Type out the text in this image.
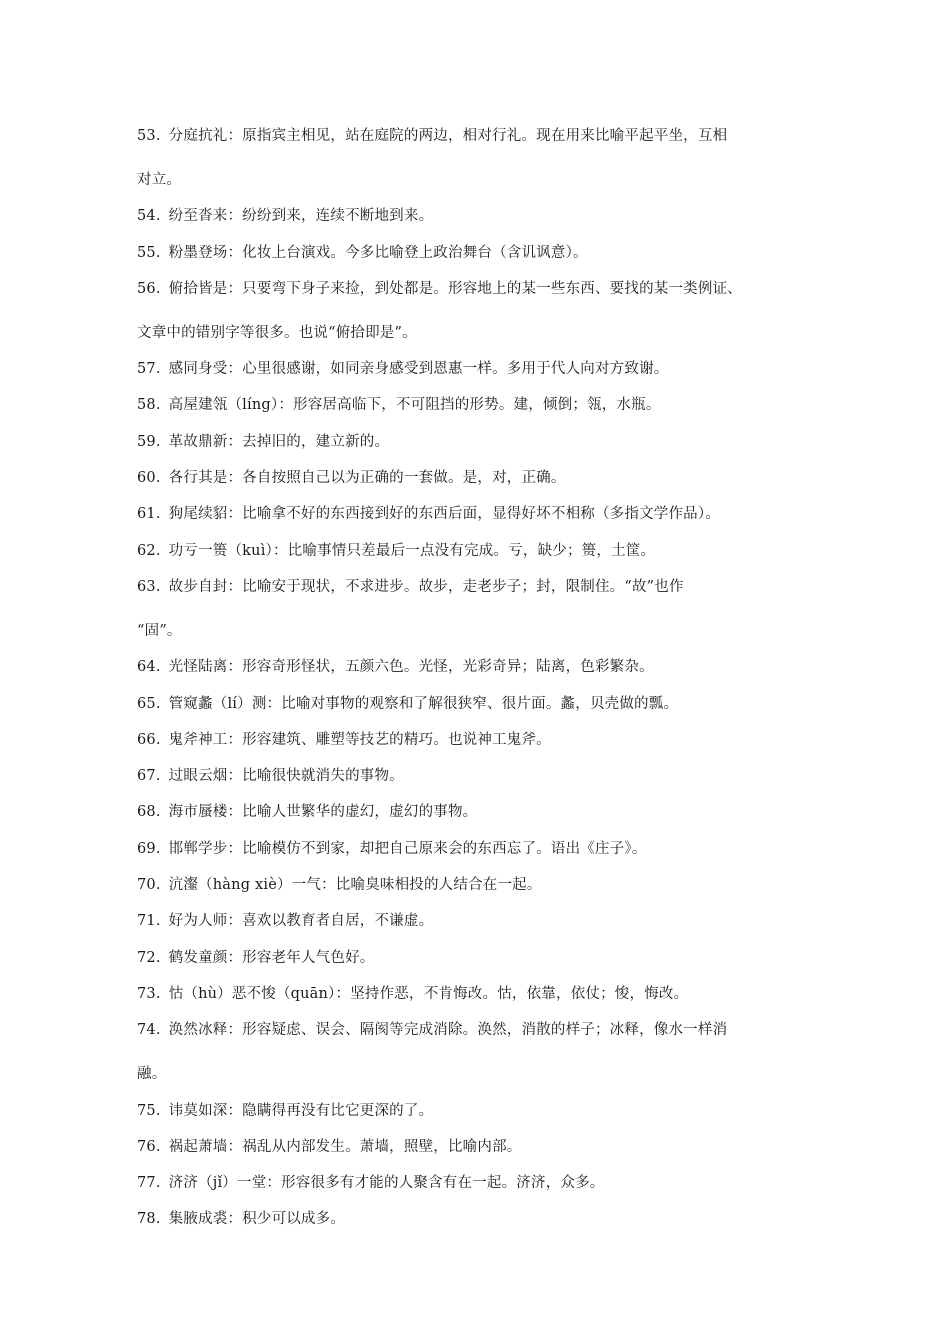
53. 分庭抗礼：原指宾主相见，站在庭院的两边，相对行礼。现在用来比喻平起平坐，互相
对立。
54. 纷至沓来：纷纷到来，连续不断地到来。
55. 粉墨登场：化妆上台演戏。今多比喻登上政治舞台（含讥讽意）。
56. 俯拾皆是：只要弯下身子来捡，到处都是。形容地上的某一些东西、要找的某一类例证、
文章中的错别字等很多。也说“俯拾即是”。
57. 感同身受：心里很感谢，如同亲身感受到恩惠一样。多用于代人向对方致谢。
58. 高屋建瓴（líng）：形容居高临下，不可阻挡的形势。建，倾倒；瓴，水瓶。
59. 革故鼎新：去掉旧的，建立新的。
60. 各行其是：各自按照自己以为正确的一套做。是，对，正确。
61. 狗尾续貂：比喻拿不好的东西接到好的东西后面，显得好坏不相称（多指文学作品）。
62. 功亏一篑（kuì）：比喻事情只差最后一点没有完成。亏，缺少；篑，土筐。
63. 故步自封：比喻安于现状，不求进步。故步，走老步子；封，限制住。“故”也作
“固”。
64. 光怪陆离：形容奇形怪状，五颜六色。光怪，光彩奇异；陆离，色彩繁杂。
65. 管窥蠡（lí）测：比喻对事物的观察和了解很狭窄、很片面。蠡，贝壳做的瓢。
66. 鬼斧神工：形容建筑、雕塑等技艺的精巧。也说神工鬼斧。
67. 过眼云烟：比喻很快就消失的事物。
68. 海市蜃楼：比喻人世繁华的虚幻，虚幻的事物。
69. 邯郸学步：比喻模仿不到家，却把自己原来会的东西忘了。语出《庄子》。
70. 沆瀣（hàng xiè）一气：比喻臭味相投的人结合在一起。
71. 好为人师：喜欢以教育者自居，不谦虚。
72. 鹤发童颜：形容老年人气色好。
73. 怙（hù）恶不悛（quān）：坚持作恶，不肯悔改。怙，依靠，依仗；悛，悔改。
74. 涣然冰释：形容疑虑、误会、隔阂等完成消除。涣然，消散的样子；冰释，像水一样消
融。
75. 讳莫如深：隐瞒得再没有比它更深的了。
76. 祸起萧墙：祸乱从内部发生。萧墙，照壁，比喻内部。
77. 济济（jǐ）一堂：形容很多有才能的人聚含有在一起。济济，众多。
78. 集腋成裘：积少可以成多。
